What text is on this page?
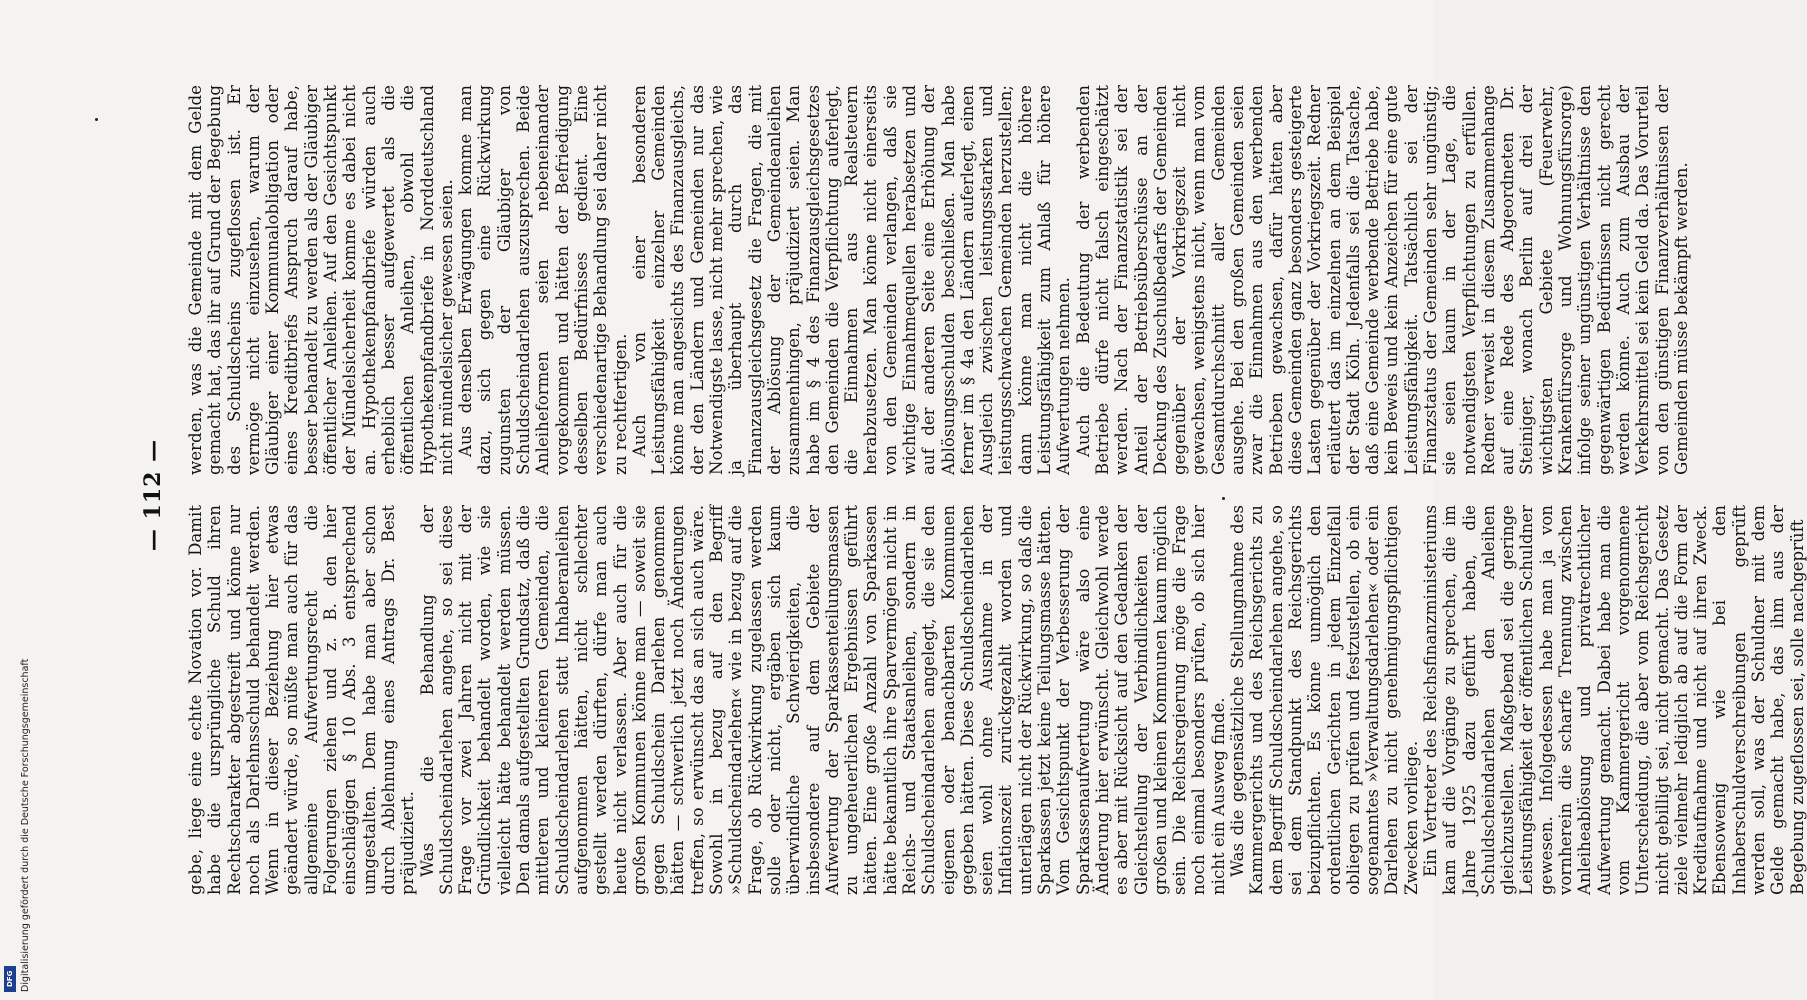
— 112 —

gebe, liege eine echte Novation vor. Damit habe die ursprüngliche Schuld ihren Rechtscharakter abgestreift und könne nur noch als Darlehnsschuld behandelt werden. Wenn in dieser Beziehung hier etwas geändert würde, so müßte man auch für das allgemeine Aufwertungsrecht die Folgerungen ziehen und z. B. den hier einschlägigen § 10 Abs. 3 entsprechend umgestalten. Dem habe man aber schon durch Ablehnung eines Antrags Dr. Best präjudiziert. Was die Behandlung der Schuldscheindarlehen angehe, so sei diese Frage vor zwei Jahren nicht mit der Gründlichkeit behandelt worden, wie sie vielleicht hätte behandelt werden müssen. Den damals aufgestellten Grundsatz, daß die mittleren und kleineren Gemeinden, die Schuldscheindarlehen statt Inhaberanleihen aufgenommen hätten, nicht schlechter gestellt werden dürften, dürfe man auch heute nicht verlassen. Aber auch für die großen Kommunen könne man — soweit sie gegen Schuldschein Darlehen genommen hätten — schwerlich jetzt noch Änderungen treffen, so erwünscht das an sich auch wäre. Sowohl in bezug auf den Begriff »Schuldscheindarlehen« wie in bezug auf die Frage, ob Rückwirkung zugelassen werden solle oder nicht, ergäben sich kaum überwindliche Schwierigkeiten, die insbesondere auf dem Gebiete der Aufwertung der Sparkassenteilungsmassen zu ungeheuerlichen Ergebnissen geführt hätten. Eine große Anzahl von Sparkassen hätte bekanntlich ihre Sparvermögen nicht in Reichs- und Staatsanleihen, sondern in Schuldscheindarlehen angelegt, die sie den eigenen oder benachbarten Kommunen gegeben hätten. Diese Schuldscheindarlehen seien wohl ohne Ausnahme in der Inflationszeit zurückgezahlt worden und unterlägen nicht der Rückwirkung, so daß die Sparkassen jetzt keine Teilungsmasse hätten. Vom Gesichtspunkt der Verbesserung der Sparkassenaufwertung wäre also eine Änderung hier erwünscht. Gleichwohl werde es aber mit Rücksicht auf den Gedanken der Gleichstellung der Verbindlichkeiten der großen und kleinen Kommunen kaum möglich sein. Die Reichsregierung möge die Frage noch einmal besonders prüfen, ob sich hier nicht ein Ausweg finde. Was die gegensätzliche Stellungnahme des Kammergerichts und des Reichsgerichts zu dem Begriff Schuldscheindarlehen angehe, so sei dem Standpunkt des Reichsgerichts beizupflichten. Es könne unmöglich den ordentlichen Gerichten in jedem Einzelfall obliegen zu prüfen und festzustellen, ob ein sogenanntes »Verwaltungsdarlehen« oder ein Darlehen zu nicht genehmigungspflichtigen Zwecken vorliege. Ein Vertreter des Reichsfinanzministeriums kam auf die Vorgänge zu sprechen, die im Jahre 1925 dazu geführt haben, die Schuldscheindarlehen den Anleihen gleichzustellen. Maßgebend sei die geringe Leistungsfähigkeit der öffentlichen Schuldner gewesen. Infolgedessen habe man ja von vornherein die scharfe Trennung zwischen Anleiheablösung und privatrechtlicher Aufwertung gemacht. Dabei habe man die vom Kammergericht vorgenommene Unterscheidung, die aber vom Reichsgericht nicht gebilligt sei, nicht gemacht. Das Gesetz ziele vielmehr lediglich ab auf die Form der Kreditaufnahme und nicht auf ihren Zweck. Ebensowenig wie bei den Inhaberschuldverschreibungen geprüft werden soll, was der Schuldner mit dem Gelde gemacht habe, das ihm aus der Begebung zugeflossen sei, solle nachgeprüft

werden, was die Gemeinde mit dem Gelde gemacht hat, das ihr auf Grund der Begebung des Schuldscheins zugeflossen ist. Er vermöge nicht einzusehen, warum der Gläubiger einer Kommunalobligation oder eines Kreditbriefs Anspruch darauf habe, besser behandelt zu werden als der Gläubiger öffentlicher Anleihen. Auf den Gesichtspunkt der Mündelsicherheit komme es dabei nicht an. Hypothekenpfandbriefe würden auch erheblich besser aufgewertet als die öffentlichen Anleihen, obwohl die Hypothekenpfandbriefe in Norddeutschland nicht mündelsicher gewesen seien. Aus denselben Erwägungen komme man dazu, sich gegen eine Rückwirkung zugunsten der Gläubiger von Schuldscheindarlehen auszusprechen. Beide Anleiheformen seien nebeneinander vorgekommen und hätten der Befriedigung desselben Bedürfnisses gedient. Eine verschiedenartige Behandlung sei daher nicht zu rechtfertigen. Auch von einer besonderen Leistungsfähigkeit einzelner Gemeinden könne man angesichts des Finanzausgleichs, der den Ländern und Gemeinden nur das Notwendigste lasse, nicht mehr sprechen, wie ja überhaupt durch das Finanzausgleichsgesetz die Fragen, die mit der Ablösung der Gemeindeanleihen zusammenhingen, präjudiziert seien. Man habe im § 4 des Finanzausgleichsgesetzes den Gemeinden die Verpflichtung auferlegt, die Einnahmen aus Realsteuern herabzusetzen. Man könne nicht einerseits von den Gemeinden verlangen, daß sie wichtige Einnahmequellen herabsetzen und auf der anderen Seite eine Erhöhung der Ablösungsschulden beschließen. Man habe ferner im § 4a den Ländern auferlegt, einen Ausgleich zwischen leistungsstarken und leistungsschwachen Gemeinden herzustellen; dann könne man nicht die höhere Leistungsfähigkeit zum Anlaß für höhere Aufwertungen nehmen. Auch die Bedeutung der werbenden Betriebe dürfe nicht falsch eingeschätzt werden. Nach der Finanzstatistik sei der Anteil der Betriebsüberschüsse an der Deckung des Zuschußbedarfs der Gemeinden gegenüber der Vorkriegszeit nicht gewachsen, wenigstens nicht, wenn man vom Gesamtdurchschnitt aller Gemeinden ausgehe. Bei den großen Gemeinden seien zwar die Einnahmen aus den werbenden Betrieben gewachsen, dafür hätten aber diese Gemeinden ganz besonders gesteigerte Lasten gegenüber der Vorkriegszeit. Redner erläutert das im einzelnen an dem Beispiel der Stadt Köln. Jedenfalls sei die Tatsache, daß eine Gemeinde werbende Betriebe habe, kein Beweis und kein Anzeichen für eine gute Leistungsfähigkeit. Tatsächlich sei der Finanzstatus der Gemeinden sehr ungünstig; sie seien kaum in der Lage, die notwendigsten Verpflichtungen zu erfüllen. Redner verweist in diesem Zusammenhange auf eine Rede des Abgeordneten Dr. Steiniger, wonach Berlin auf drei der wichtigsten Gebiete (Feuerwehr, Krankenfürsorge und Wohnungsfürsorge) infolge seiner ungünstigen Verhältnisse den gegenwärtigen Bedürfnissen nicht gerecht werden könne. Auch zum Ausbau der Verkehrsmittel sei kein Geld da. Das Vorurteil von den günstigen Finanzverhältnissen der Gemeinden müsse bekämpft werden.

Digitalisierung gefördert durch die Deutsche Forschungsgemeinschaft
DFG
